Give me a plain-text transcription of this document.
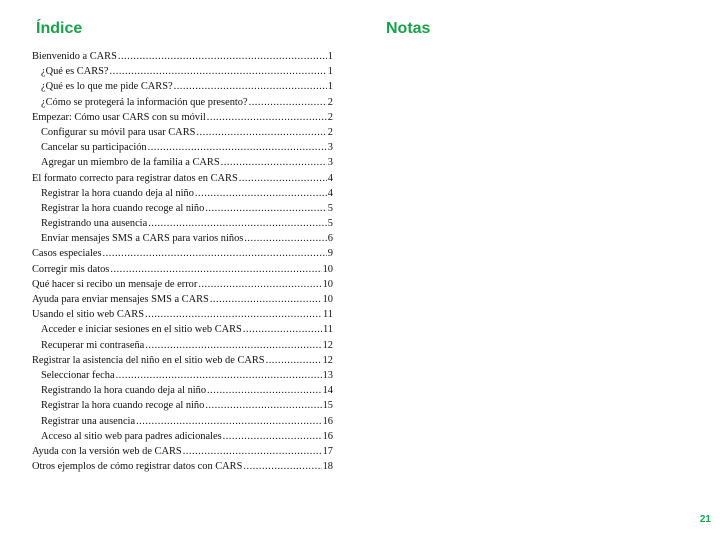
Índice	Notas
Bienvenido a CARS .....	1
¿Qué es CARS? .....	1
¿Qué es lo que me pide CARS? .....	1
¿Cómo se protegerá la información que presento? .....	2
Empezar: Cómo usar CARS con su móvil .....	2
Configurar su móvil para usar CARS .....	2
Cancelar su participación .....	3
Agregar un miembro de la familia a CARS .....	3
El formato correcto para registrar datos en CARS .....	4
Registrar la hora cuando deja al niño .....	4
Registrar la hora cuando recoge al niño .....	5
Registrando una ausencia .....	5
Enviar mensajes SMS a CARS para varios niños .....	6
Casos especiales .....	9
Corregir mis datos .....	10
Qué hacer si recibo un mensaje de error .....	10
Ayuda para enviar mensajes SMS a CARS .....	10
Usando el sitio web CARS .....	11
Acceder e iniciar sesiones en el sitio web CARS .....	11
Recuperar mi contraseña .....	12
Registrar la asistencia del niño en el sitio web de CARS .....	12
Seleccionar fecha .....	13
Registrando la hora cuando deja al niño .....	14
Registrar la hora cuando recoge al niño .....	15
Registrar una ausencia .....	16
Acceso al sitio web para padres adicionales .....	16
Ayuda con la versión web de CARS .....	17
Otros ejemplos de cómo registrar datos con CARS .....	18
21
